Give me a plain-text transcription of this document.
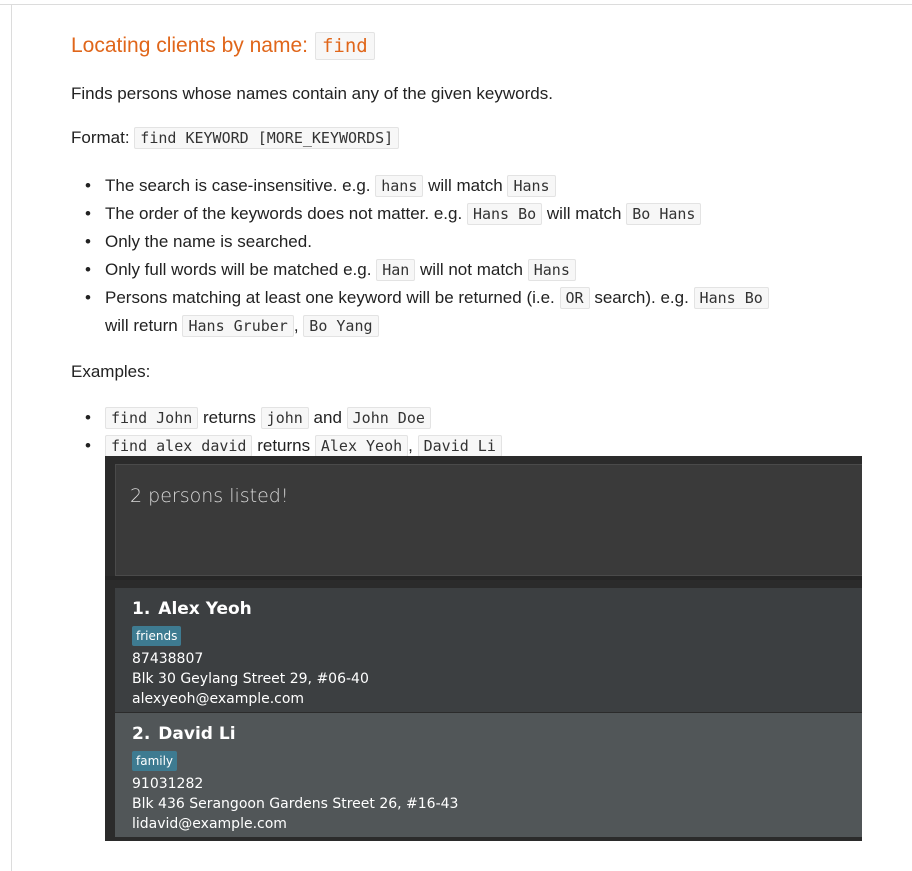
Locating clients by name: find

Finds persons whose names contain any of the given keywords.

Format: find KEYWORD [MORE_KEYWORDS]

• The search is case-insensitive. e.g. hans will match Hans
• The order of the keywords does not matter. e.g. Hans Bo will match Bo Hans
• Only the name is searched.
• Only full words will be matched e.g. Han will not match Hans
• Persons matching at least one keyword will be returned (i.e. OR search). e.g. Hans Bo
will return Hans Gruber , Bo Yang

Examples:

• find John returns john and John Doe
• find alex david returns Alex Yeoh , David Li
2 persons listed!
1. Alex Yeoh
friends
87438807
Blk 30 Geylang Street 29, #06-40
alexyeoh@example.com
2. David Li
family
91031282
Blk 436 Serangoon Gardens Street 26, #16-43
lidavid@example.com
